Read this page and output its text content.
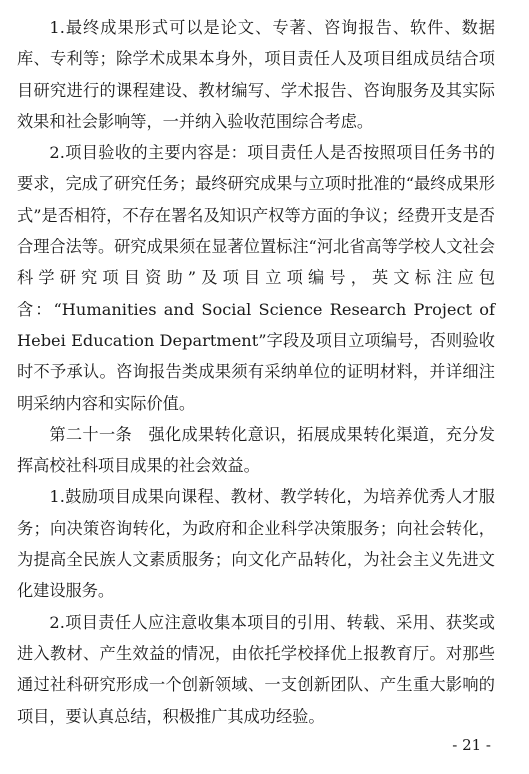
1.最终成果形式可以是论文、专著、咨询报告、软件、数据库、专利等；除学术成果本身外，项目责任人及项目组成员结合项目研究进行的课程建设、教材编写、学术报告、咨询服务及其实际效果和社会影响等，一并纳入验收范围综合考虑。

2.项目验收的主要内容是：项目责任人是否按照项目任务书的要求，完成了研究任务；最终研究成果与立项时批准的“最终成果形式”是否相符，不存在署名及知识产权等方面的争议；经费开支是否合理合法等。研究成果须在显著位置标注“河北省高等学校人文社会科学研究项目资助”及项目立项编号，英文标注应包含：“Humanities and Social Science Research Project of Hebei Education Department”字段及项目立项编号，否则验收时不予承认。咨询报告类成果须有采纳单位的证明材料，并详细注明采纳内容和实际价值。

第二十一条　强化成果转化意识，拓展成果转化渠道，充分发挥高校社科项目成果的社会效益。

1.鼓励项目成果向课程、教材、教学转化，为培养优秀人才服务；向决策咨询转化，为政府和企业科学决策服务；向社会转化，为提高全民族人文素质服务；向文化产品转化，为社会主义先进文化建设服务。

2.项目责任人应注意收集本项目的引用、转载、采用、获奖或进入教材、产生效益的情况，由依托学校择优上报教育厅。对那些通过社科研究形成一个创新领域、一支创新团队、产生重大影响的项目，要认真总结，积极推广其成功经验。

- 21 -
